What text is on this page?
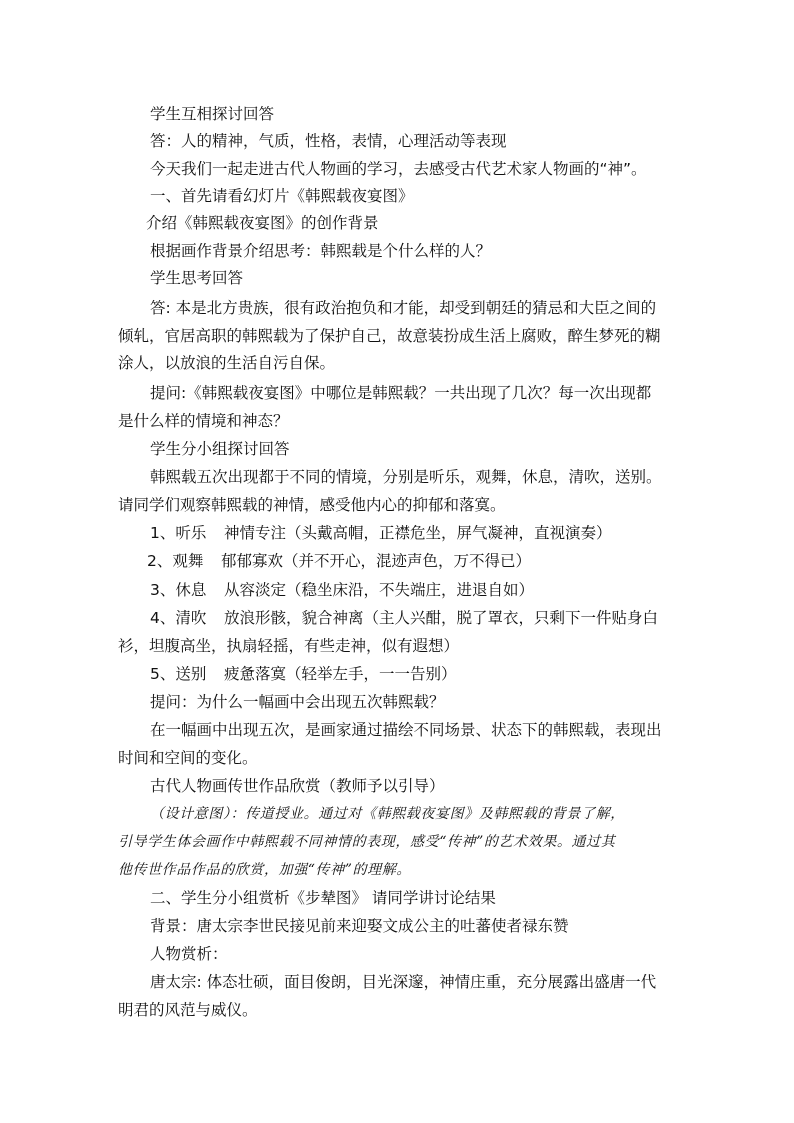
学生互相探讨回答
答：人的精神，气质，性格，表情，心理活动等表现
今天我们一起走进古代人物画的学习，去感受古代艺术家人物画的“神”。
一、首先请看幻灯片《韩熙载夜宴图》
介绍《韩熙载夜宴图》的创作背景
根据画作背景介绍思考：韩熙载是个什么样的人？
学生思考回答
答: 本是北方贵族，很有政治抱负和才能，却受到朝廷的猜忌和大臣之间的
倾轧，官居高职的韩熙载为了保护自己，故意装扮成生活上腐败，醉生梦死的糊
涂人，以放浪的生活自污自保。
提问:《韩熙载夜宴图》中哪位是韩熙载？一共出现了几次？每一次出现都
是什么样的情境和神态？
学生分小组探讨回答
韩熙载五次出现都于不同的情境，分别是听乐，观舞，休息，清吹，送别。
请同学们观察韩熙载的神情，感受他内心的抑郁和落寞。
1、听乐 神情专注（头戴高帽，正襟危坐，屏气凝神，直视演奏）
2、观舞 郁郁寡欢（并不开心，混迹声色，万不得已）
3、休息 从容淡定（稳坐床沿，不失端庄，进退自如）
4、清吹 放浪形骸，貌合神离（主人兴酣，脱了罩衣，只剩下一件贴身白
衫，坦腹高坐，执扇轻摇，有些走神，似有遐想）
5、送别 疲惫落寞（轻举左手，一一告别）
提问：为什么一幅画中会出现五次韩熙载？
在一幅画中出现五次，是画家通过描绘不同场景、状态下的韩熙载，表现出
时间和空间的变化。
古代人物画传世作品欣赏（教师予以引导）
（设计意图）：传道授业。通过对《韩熙载夜宴图》及韩熙载的背景了解，
引导学生体会画作中韩熙载不同神情的表现，感受“传神”的艺术效果。通过其
他传世作品作品的欣赏，加强“传神”的理解。
二、学生分小组赏析《步辇图》 请同学讲讨论结果
背景：唐太宗李世民接见前来迎娶文成公主的吐蕃使者禄东赞
人物赏析：
唐太宗: 体态壮硕，面目俊朗，目光深邃，神情庄重，充分展露出盛唐一代
明君的风范与威仪。
